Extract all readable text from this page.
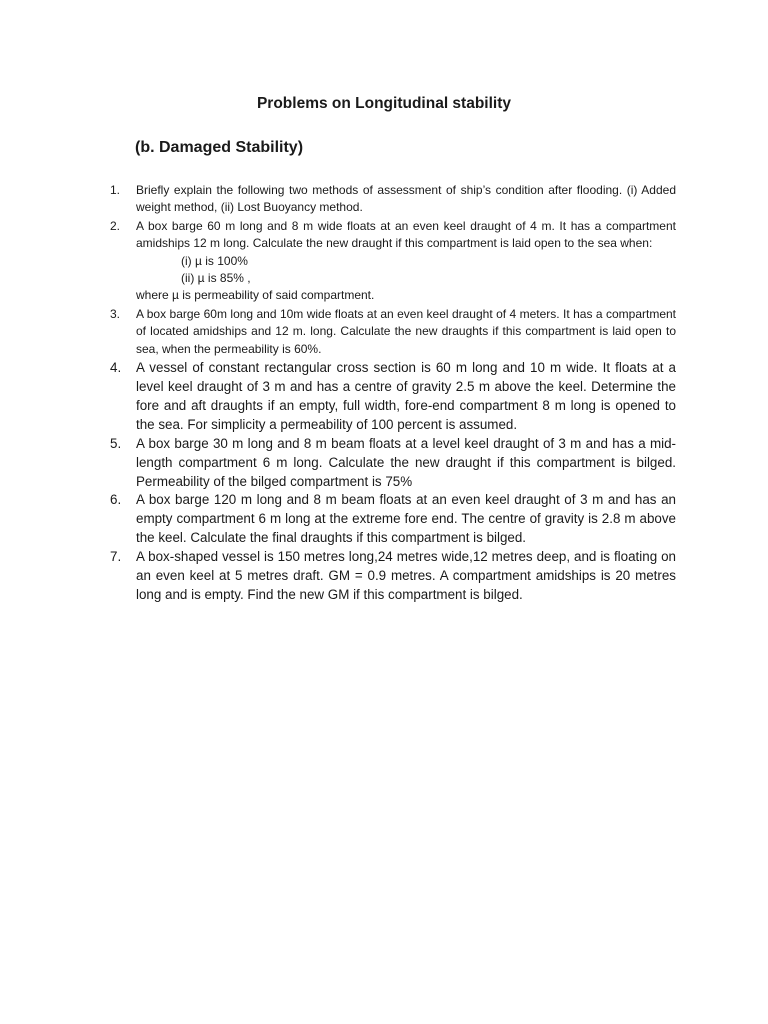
Problems on Longitudinal stability
(b. Damaged Stability)
1.	Briefly explain the following two methods of assessment of ship’s condition after flooding. (i) Added weight method, (ii) Lost Buoyancy method.
2.	A box barge 60 m long and 8 m wide floats at an even keel draught of 4 m. It has a compartment amidships 12 m long. Calculate the new draught if this compartment is laid open to the sea when:
(i) µ is 100%
(ii) µ is 85% ,
where µ is permeability of said compartment.
3.	A box barge 60m long and 10m wide floats at an even keel draught of 4 meters. It has a compartment of located amidships and 12 m. long. Calculate the new draughts if this compartment is laid open to sea, when the permeability is 60%.
4.	A vessel of constant rectangular cross section is 60 m long and 10 m wide. It floats at a level keel draught of 3 m and has a centre of gravity 2.5 m above the keel. Determine the fore and aft draughts if an empty, full width, fore-end compartment 8 m long is opened to the sea. For simplicity a permeability of 100 percent is assumed.
5.	A box barge 30 m long and 8 m beam floats at a level keel draught of 3 m and has a mid-length compartment 6 m long. Calculate the new draught if this compartment is bilged. Permeability of the bilged compartment is 75%
6.	A box barge 120 m long and 8 m beam floats at an even keel draught of 3 m and has an empty compartment 6 m long at the extreme fore end. The centre of gravity is 2.8 m above the keel. Calculate the final draughts if this compartment is bilged.
7.	A box-shaped vessel is 150 metres long,24 metres wide,12 metres deep, and is floating on an even keel at 5 metres draft. GM = 0.9 metres. A compartment amidships is 20 metres long and is empty. Find the new GM if this compartment is bilged.
